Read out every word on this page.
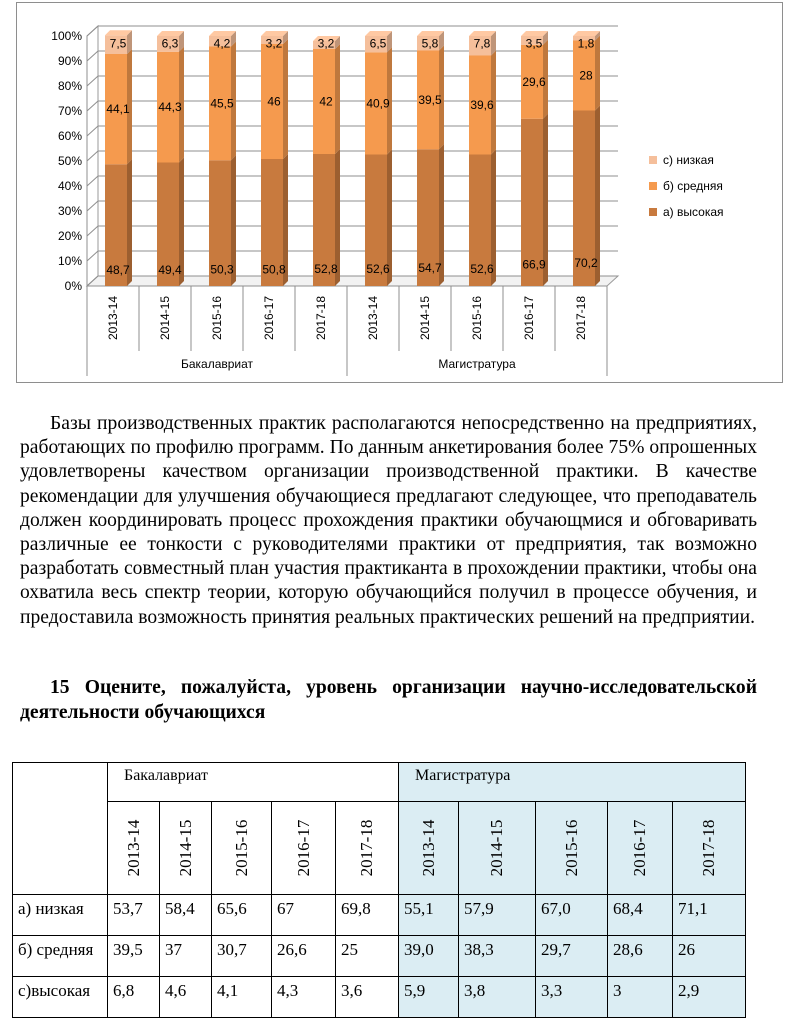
0%
10%
20%
30%
40%
50%
60%
70%
80%
90%
100%
48,7
44,1
7,5
49,4
44,3
6,3
50,3
45,5
4,2
50,8
46
3,2
52,8
42
3,2
52,6
40,9
6,5
54,7
39,5
5,8
52,6
39,6
7,8
66,9
29,6
3,5
70,2
28
1,8
2013-14	2014-15	2015-16	2016-17	2017-18	2013-14	2014-15	2015-16	2016-17	2017-18
Бакалавриат	Магистратура
с) низкая
б) средняя
а) высокая

Базы производственных практик располагаются непосредственно на предприятиях, работающих по профилю программ. По данным анкетирования более 75% опрошенных удовлетворены качеством организации производственной практики. В качестве рекомендации для улучшения обучающиеся предлагают следующее, что преподаватель должен координировать процесс прохождения практики обучающмися и обговаривать различные ее тонкости с руководителями практики от предприятия, так возможно разработать совместный план участия практиканта в прохождении практики, чтобы она охватила весь спектр теории, которую обучающийся получил в процессе обучения, и предоставила возможность принятия реальных практических решений на предприятии.

15 Оцените, пожалуйста, уровень организации научно-исследовательской деятельности обучающихся

	Бакалавриат					Магистратура				

	2013-14	2014-15	2015-16	2016-17	2017-18	2013-14	2014-15	2015-16	2016-17	2017-18

а) низкая	53,7	58,4	65,6	67	69,8	55,1	57,9	67,0	68,4	71,1
б) средняя	39,5	37	30,7	26,6	25	39,0	38,3	29,7	28,6	26
с)высокая	6,8	4,6	4,1	4,3	3,6	5,9	3,8	3,3	3	2,9
